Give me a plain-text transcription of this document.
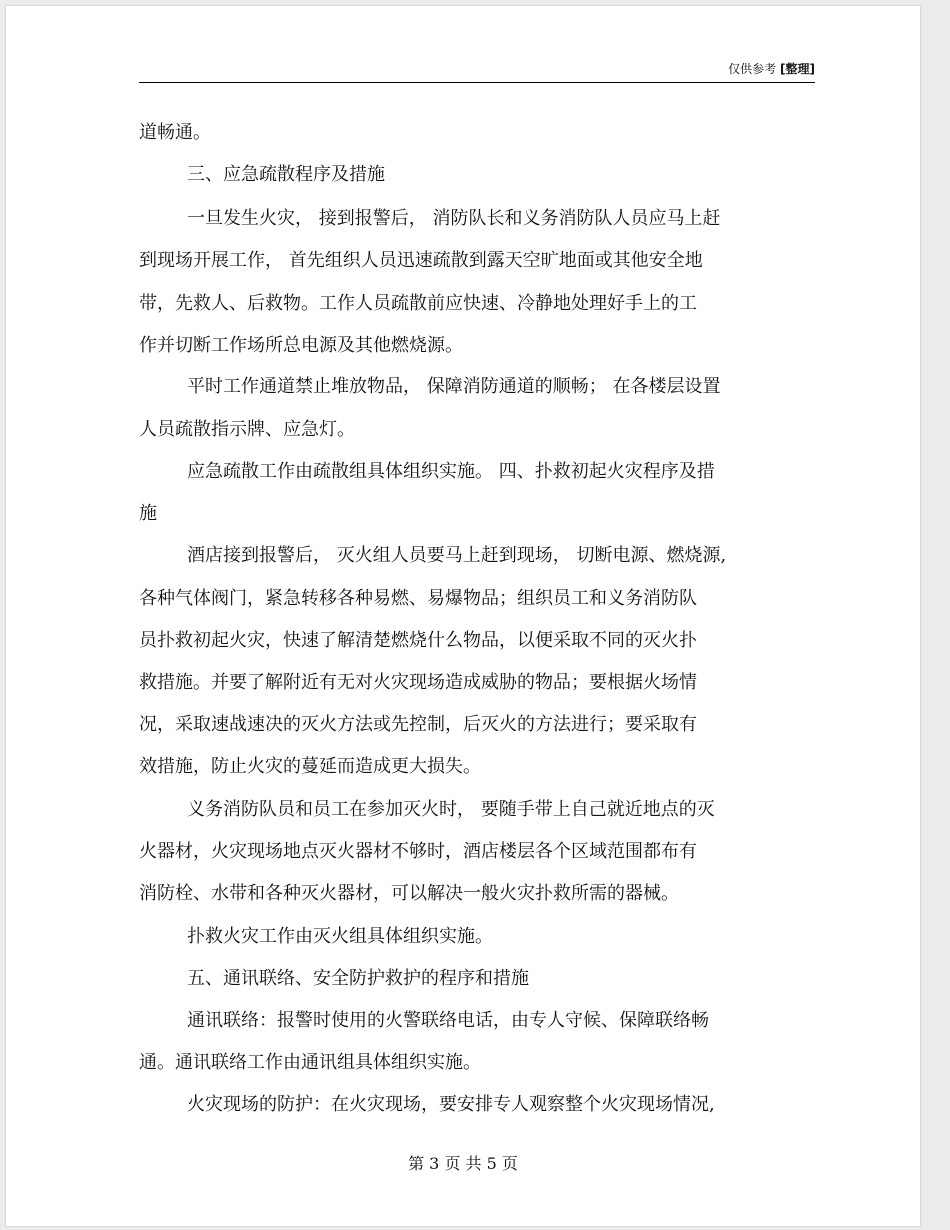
仅供参考 [整理]
道畅通。
三、应急疏散程序及措施
一旦发生火灾， 接到报警后， 消防队长和义务消防队人员应马上赶
到现场开展工作， 首先组织人员迅速疏散到露天空旷地面或其他安全地
带，先救人、后救物。工作人员疏散前应快速、冷静地处理好手上的工
作并切断工作场所总电源及其他燃烧源。
平时工作通道禁止堆放物品， 保障消防通道的顺畅； 在各楼层设置
人员疏散指示牌、应急灯。
应急疏散工作由疏散组具体组织实施。 四、扑救初起火灾程序及措
施
酒店接到报警后， 灭火组人员要马上赶到现场， 切断电源、燃烧源,
各种气体阀门，紧急转移各种易燃、易爆物品；组织员工和义务消防队
员扑救初起火灾，快速了解清楚燃烧什么物品，以便采取不同的灭火扑
救措施。并要了解附近有无对火灾现场造成威胁的物品；要根据火场情
况，采取速战速决的灭火方法或先控制，后灭火的方法进行；要采取有
效措施，防止火灾的蔓延而造成更大损失。
义务消防队员和员工在参加灭火时， 要随手带上自己就近地点的灭
火器材，火灾现场地点灭火器材不够时，酒店楼层各个区域范围都布有
消防栓、水带和各种灭火器材，可以解决一般火灾扑救所需的器械。
扑救火灾工作由灭火组具体组织实施。
五、通讯联络、安全防护救护的程序和措施
通讯联络：报警时使用的火警联络电话，由专人守候、保障联络畅
通。通讯联络工作由通讯组具体组织实施。
火灾现场的防护：在火灾现场，要安排专人观察整个火灾现场情况,
第 3 页 共 5 页
